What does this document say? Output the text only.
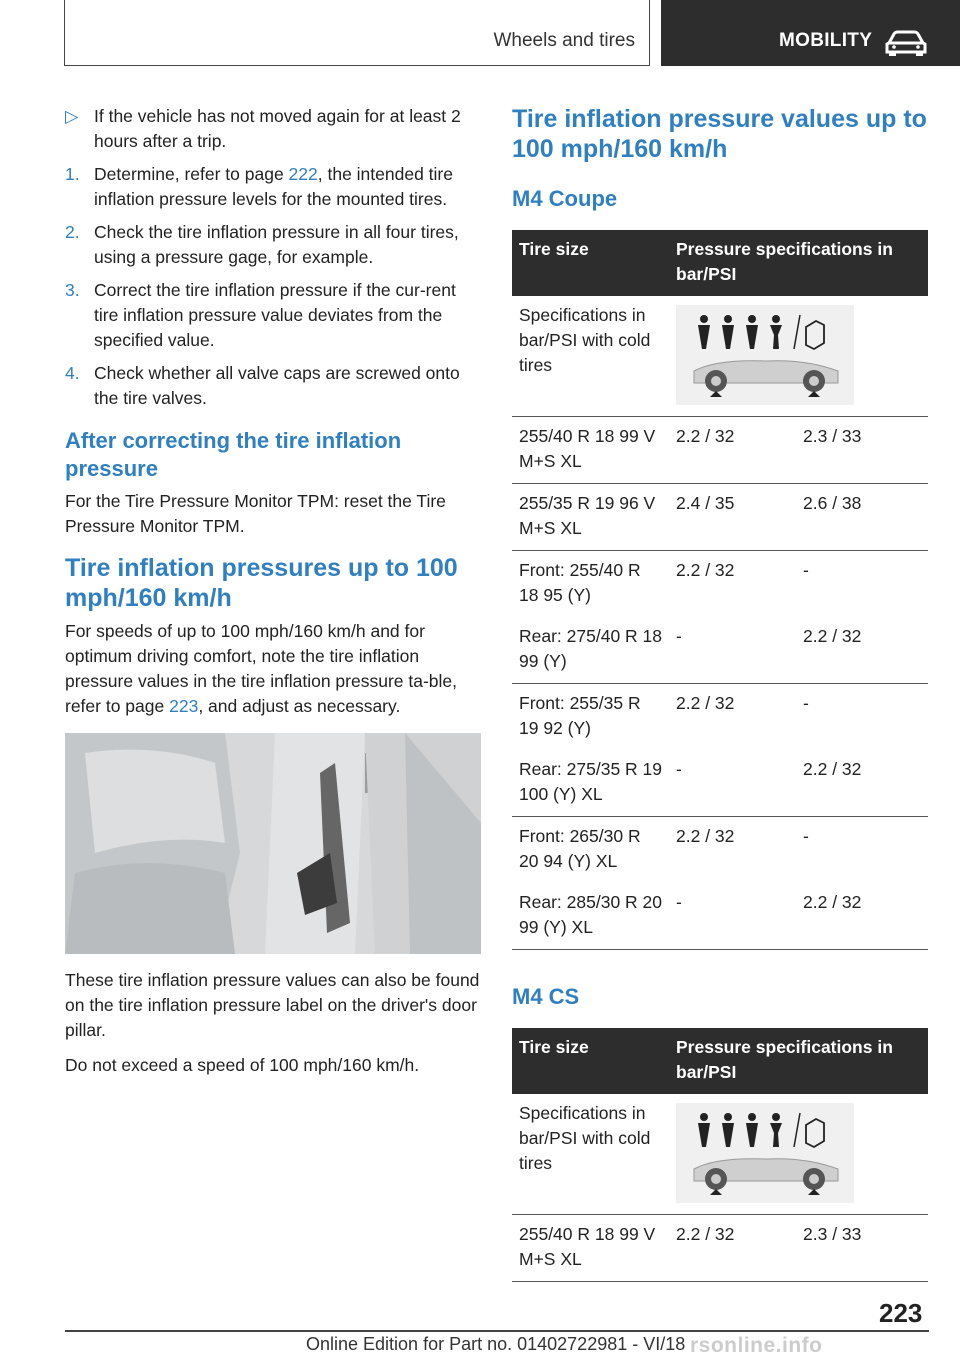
Wheels and tires	MOBILITY
▷ If the vehicle has not moved again for at least 2 hours after a trip.
1. Determine, refer to page 222, the intended tire inflation pressure levels for the mounted tires.
2. Check the tire inflation pressure in all four tires, using a pressure gage, for example.
3. Correct the tire inflation pressure if the cur‐rent tire inflation pressure value deviates from the specified value.
4. Check whether all valve caps are screwed onto the tire valves.
After correcting the tire inflation pressure
For the Tire Pressure Monitor TPM: reset the Tire Pressure Monitor TPM.
Tire inflation pressures up to 100 mph/160 km/h
For speeds of up to 100 mph/160 km/h and for optimum driving comfort, note the tire inflation pressure values in the tire inflation pressure ta‐ble, refer to page 223, and adjust as necessary.
These tire inflation pressure values can also be found on the tire inflation pressure label on the driver's door pillar.
Do not exceed a speed of 100 mph/160 km/h.
Tire inflation pressure values up to 100 mph/160 km/h
M4 Coupe
Tire size	Pressure specifications in bar/PSI	
Specifications in bar/PSI with cold tires	

255/40 R 18 99 V M+S XL	2.2 / 32	2.3 / 33
255/35 R 19 96 V M+S XL	2.4 / 35	2.6 / 38
Front: 255/40 R 18 95 (Y)	2.2 / 32	-
Rear: 275/40 R 18 99 (Y)	-	2.2 / 32
Front: 255/35 R 19 92 (Y)	2.2 / 32	-
Rear: 275/35 R 19 100 (Y) XL	-	2.2 / 32
Front: 265/30 R 20 94 (Y) XL	2.2 / 32	-
Rear: 285/30 R 20 99 (Y) XL	-	2.2 / 32
M4 CS
Tire size	Pressure specifications in bar/PSI	
Specifications in bar/PSI with cold tires	

255/40 R 18 99 V M+S XL	2.2 / 32	2.3 / 33
223
Online Edition for Part no. 01402722981 - VI/18 rsonline.info
